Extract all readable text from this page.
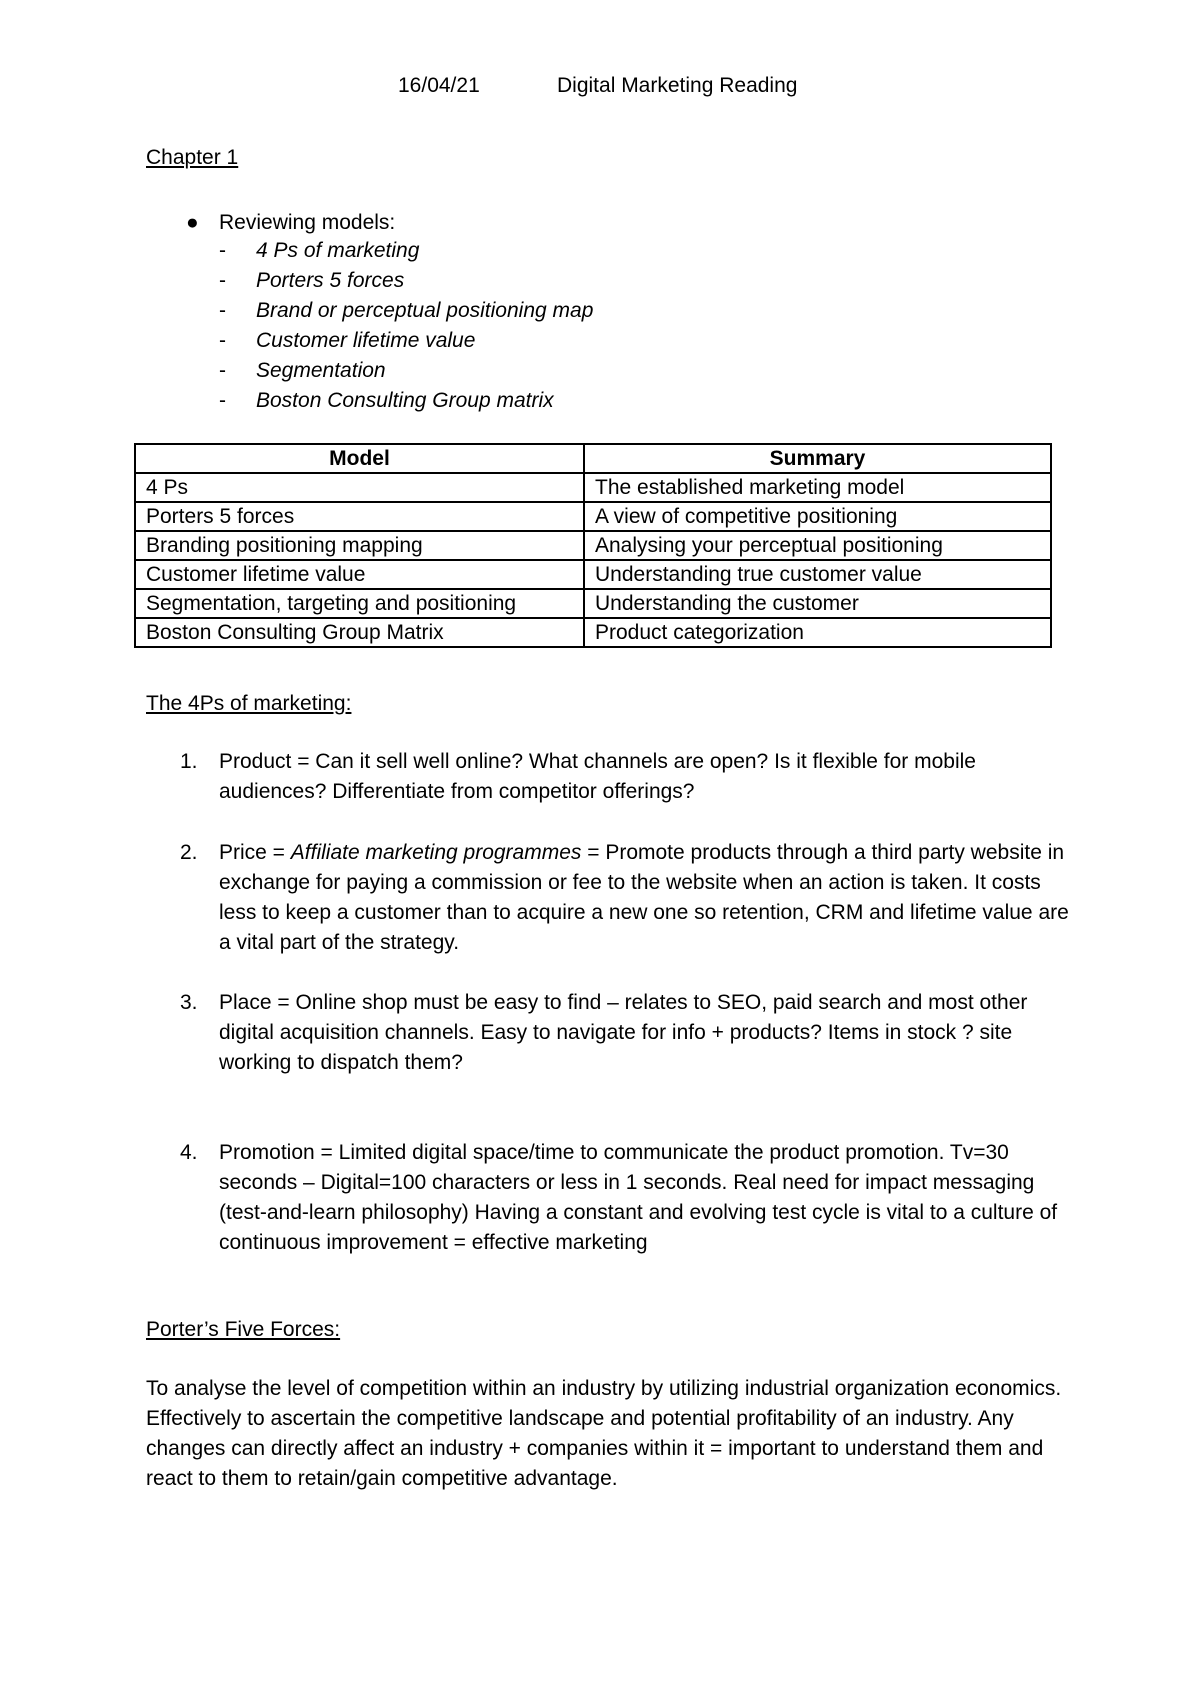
16/04/21	Digital Marketing Reading
Chapter 1
● Reviewing models:
- 4 Ps of marketing
- Porters 5 forces
- Brand or perceptual positioning map
- Customer lifetime value
- Segmentation
- Boston Consulting Group matrix
Model	Summary
4 Ps	The established marketing model
Porters 5 forces	A view of competitive positioning
Branding positioning mapping	Analysing your perceptual positioning
Customer lifetime value	Understanding true customer value
Segmentation, targeting and positioning	Understanding the customer
Boston Consulting Group Matrix	Product categorization
The 4Ps of marketing:
1. Product = Can it sell well online? What channels are open? Is it flexible for mobile audiences? Differentiate from competitor offerings?
2. Price = Affiliate marketing programmes = Promote products through a third party website in exchange for paying a commission or fee to the website when an action is taken. It costs less to keep a customer than to acquire a new one so retention, CRM and lifetime value are a vital part of the strategy.
3. Place = Online shop must be easy to find – relates to SEO, paid search and most other digital acquisition channels. Easy to navigate for info + products? Items in stock ? site working to dispatch them?
4. Promotion = Limited digital space/time to communicate the product promotion. Tv=30 seconds – Digital=100 characters or less in 1 seconds. Real need for impact messaging (test-and-learn philosophy) Having a constant and evolving test cycle is vital to a culture of continuous improvement = effective marketing
Porter’s Five Forces:
To analyse the level of competition within an industry by utilizing industrial organization economics. Effectively to ascertain the competitive landscape and potential profitability of an industry. Any changes can directly affect an industry + companies within it = important to understand them and react to them to retain/gain competitive advantage.
